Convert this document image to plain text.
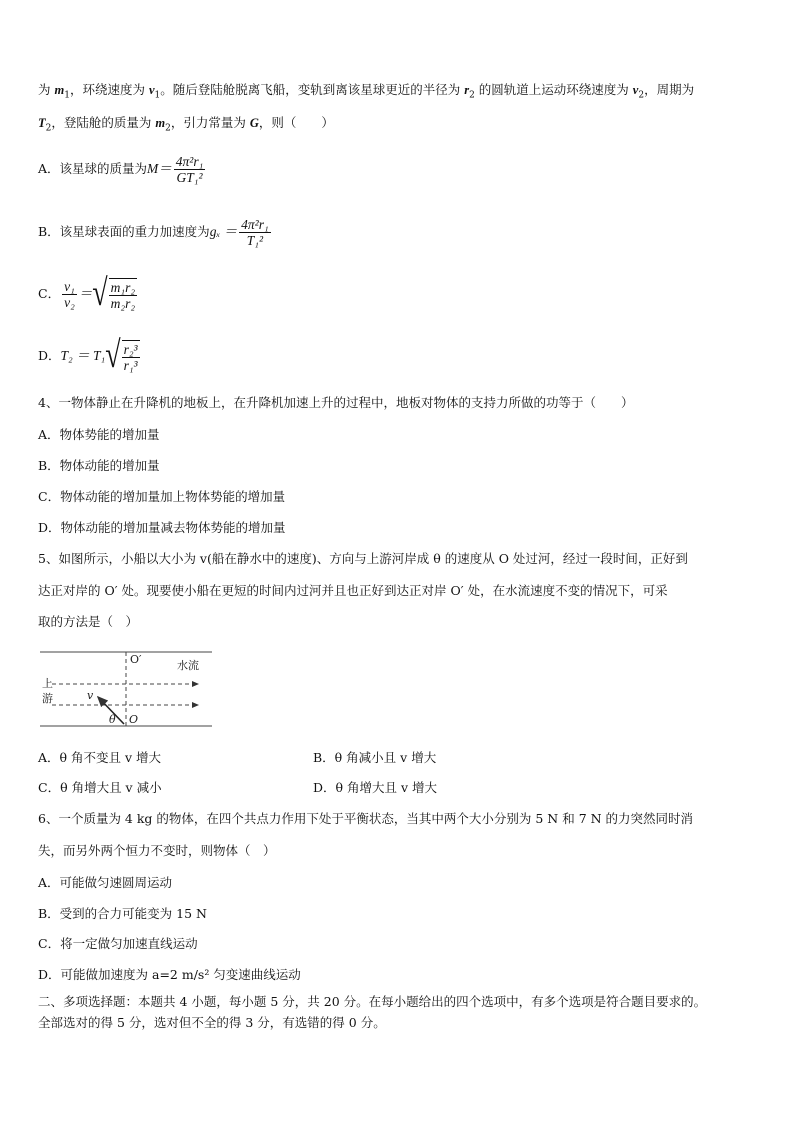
为 $m_1$，环绕速度为 $v_1$。随后登陆舱脱离飞船，变轨到离该星球更近的半径为 $r_2$ 的圆轨道上运动环绕速度为 $v_2$，周期为
$T_2$，登陆舱的质量为 $m_2$，引力常量为 G，则（　　）
A．该星球的质量为 $M= \frac{\text{4π²r₁}}{\text{GT₁²}}$
B．该星球表面的重力加速度为 $g_x = \frac{\text{4π²r₁}}{\text{T₁²}}$
C． $\frac{\text{v₁}}{\text{v₂}}$ ＝ √ $\frac{\text{m₁r₂}}{\text{m₂r₂}}$
D． T₂ ＝ T₁ √ $\frac{\text{r₂³}}{\text{r₁³}}$
4、一物体静止在升降机的地板上，在升降机加速上升的过程中，地板对物体的支持力所做的功等于（　　）
A．物体势能的增加量
B．物体动能的增加量
C．物体动能的增加量加上物体势能的增加量
D．物体动能的增加量减去物体势能的增加量
5、如图所示，小船以大小为 v(船在静水中的速度)、方向与上游河岸成 θ 的速度从 O 处过河，经过一段时间，正好到
达正对岸的 O′ 处。现要使小船在更短的时间内过河并且也正好到达正对岸 O′ 处，在水流速度不变的情况下，可采
取的方法是（　）
O′	水流
上
游	v
θ O
A．θ 角不变且 v 增大	B．θ 角减小且 v 增大
C．θ 角增大且 v 减小	D．θ 角增大且 v 增大
6、一个质量为 4 kg 的物体，在四个共点力作用下处于平衡状态，当其中两个大小分别为 5 N 和 7 N 的力突然同时消
失，而另外两个恒力不变时，则物体（　）
A．可能做匀速圆周运动
B．受到的合力可能变为 15 N
C．将一定做匀加速直线运动
D．可能做加速度为 a=2 m/s² 匀变速曲线运动
二、多项选择题：本题共 4 小题，每小题 5 分，共 20 分。在每小题给出的四个选项中，有多个选项是符合题目要求的。
全部选对的得 5 分，选对但不全的得 3 分，有选错的得 0 分。
